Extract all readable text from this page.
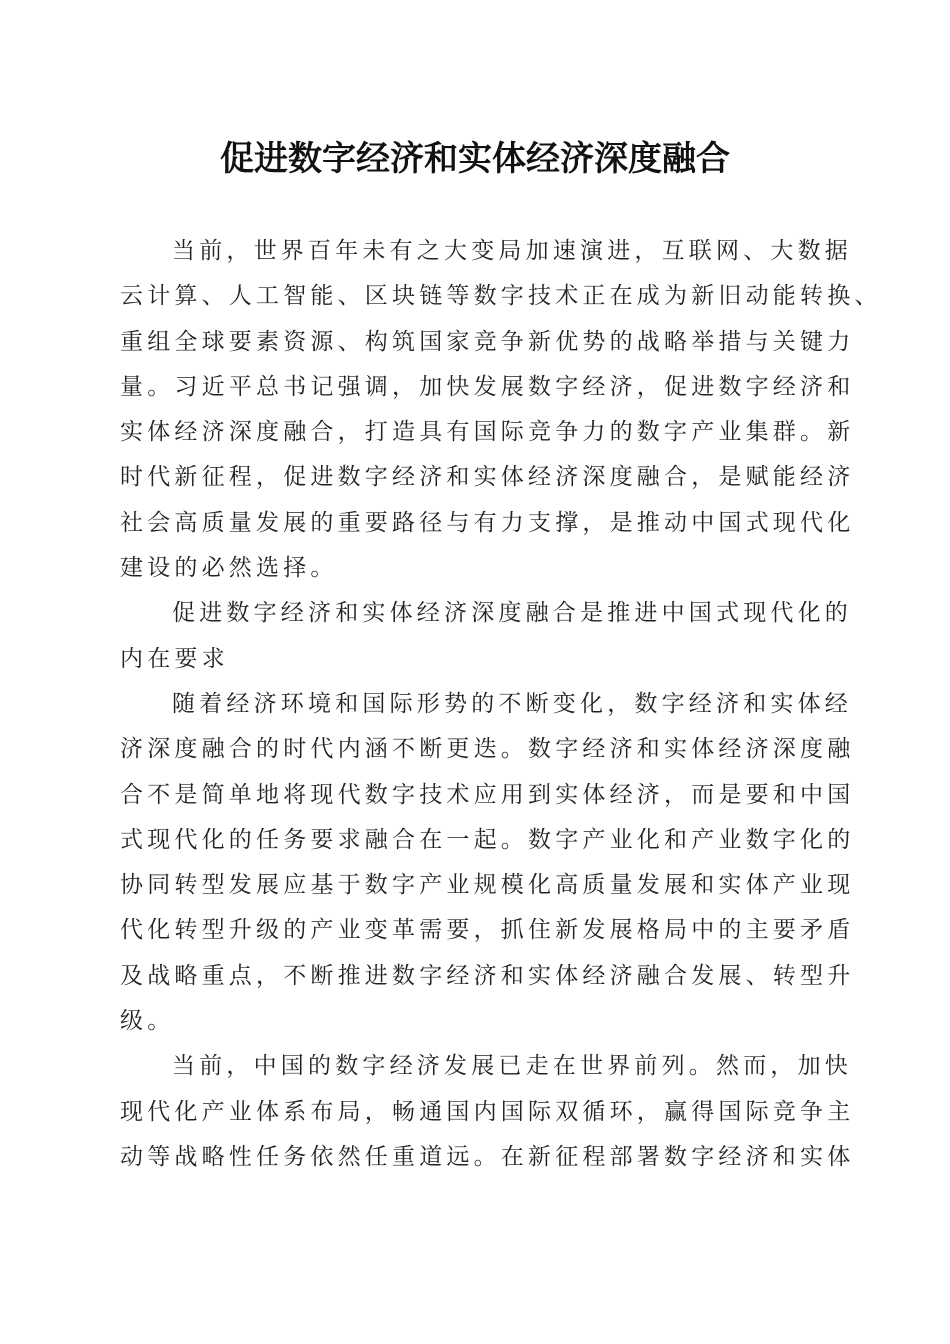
促进数字经济和实体经济深度融合
当前，世界百年未有之大变局加速演进，互联网、大数据
云计算、人工智能、区块链等数字技术正在成为新旧动能转换、
重组全球要素资源、构筑国家竞争新优势的战略举措与关键力
量。习近平总书记强调，加快发展数字经济，促进数字经济和
实体经济深度融合，打造具有国际竞争力的数字产业集群。新
时代新征程，促进数字经济和实体经济深度融合，是赋能经济
社会高质量发展的重要路径与有力支撑，是推动中国式现代化
建设的必然选择。
促进数字经济和实体经济深度融合是推进中国式现代化的
内在要求
随着经济环境和国际形势的不断变化，数字经济和实体经
济深度融合的时代内涵不断更迭。数字经济和实体经济深度融
合不是简单地将现代数字技术应用到实体经济，而是要和中国
式现代化的任务要求融合在一起。数字产业化和产业数字化的
协同转型发展应基于数字产业规模化高质量发展和实体产业现
代化转型升级的产业变革需要，抓住新发展格局中的主要矛盾
及战略重点，不断推进数字经济和实体经济融合发展、转型升
级。
当前，中国的数字经济发展已走在世界前列。然而，加快
现代化产业体系布局，畅通国内国际双循环，赢得国际竞争主
动等战略性任务依然任重道远。在新征程部署数字经济和实体
